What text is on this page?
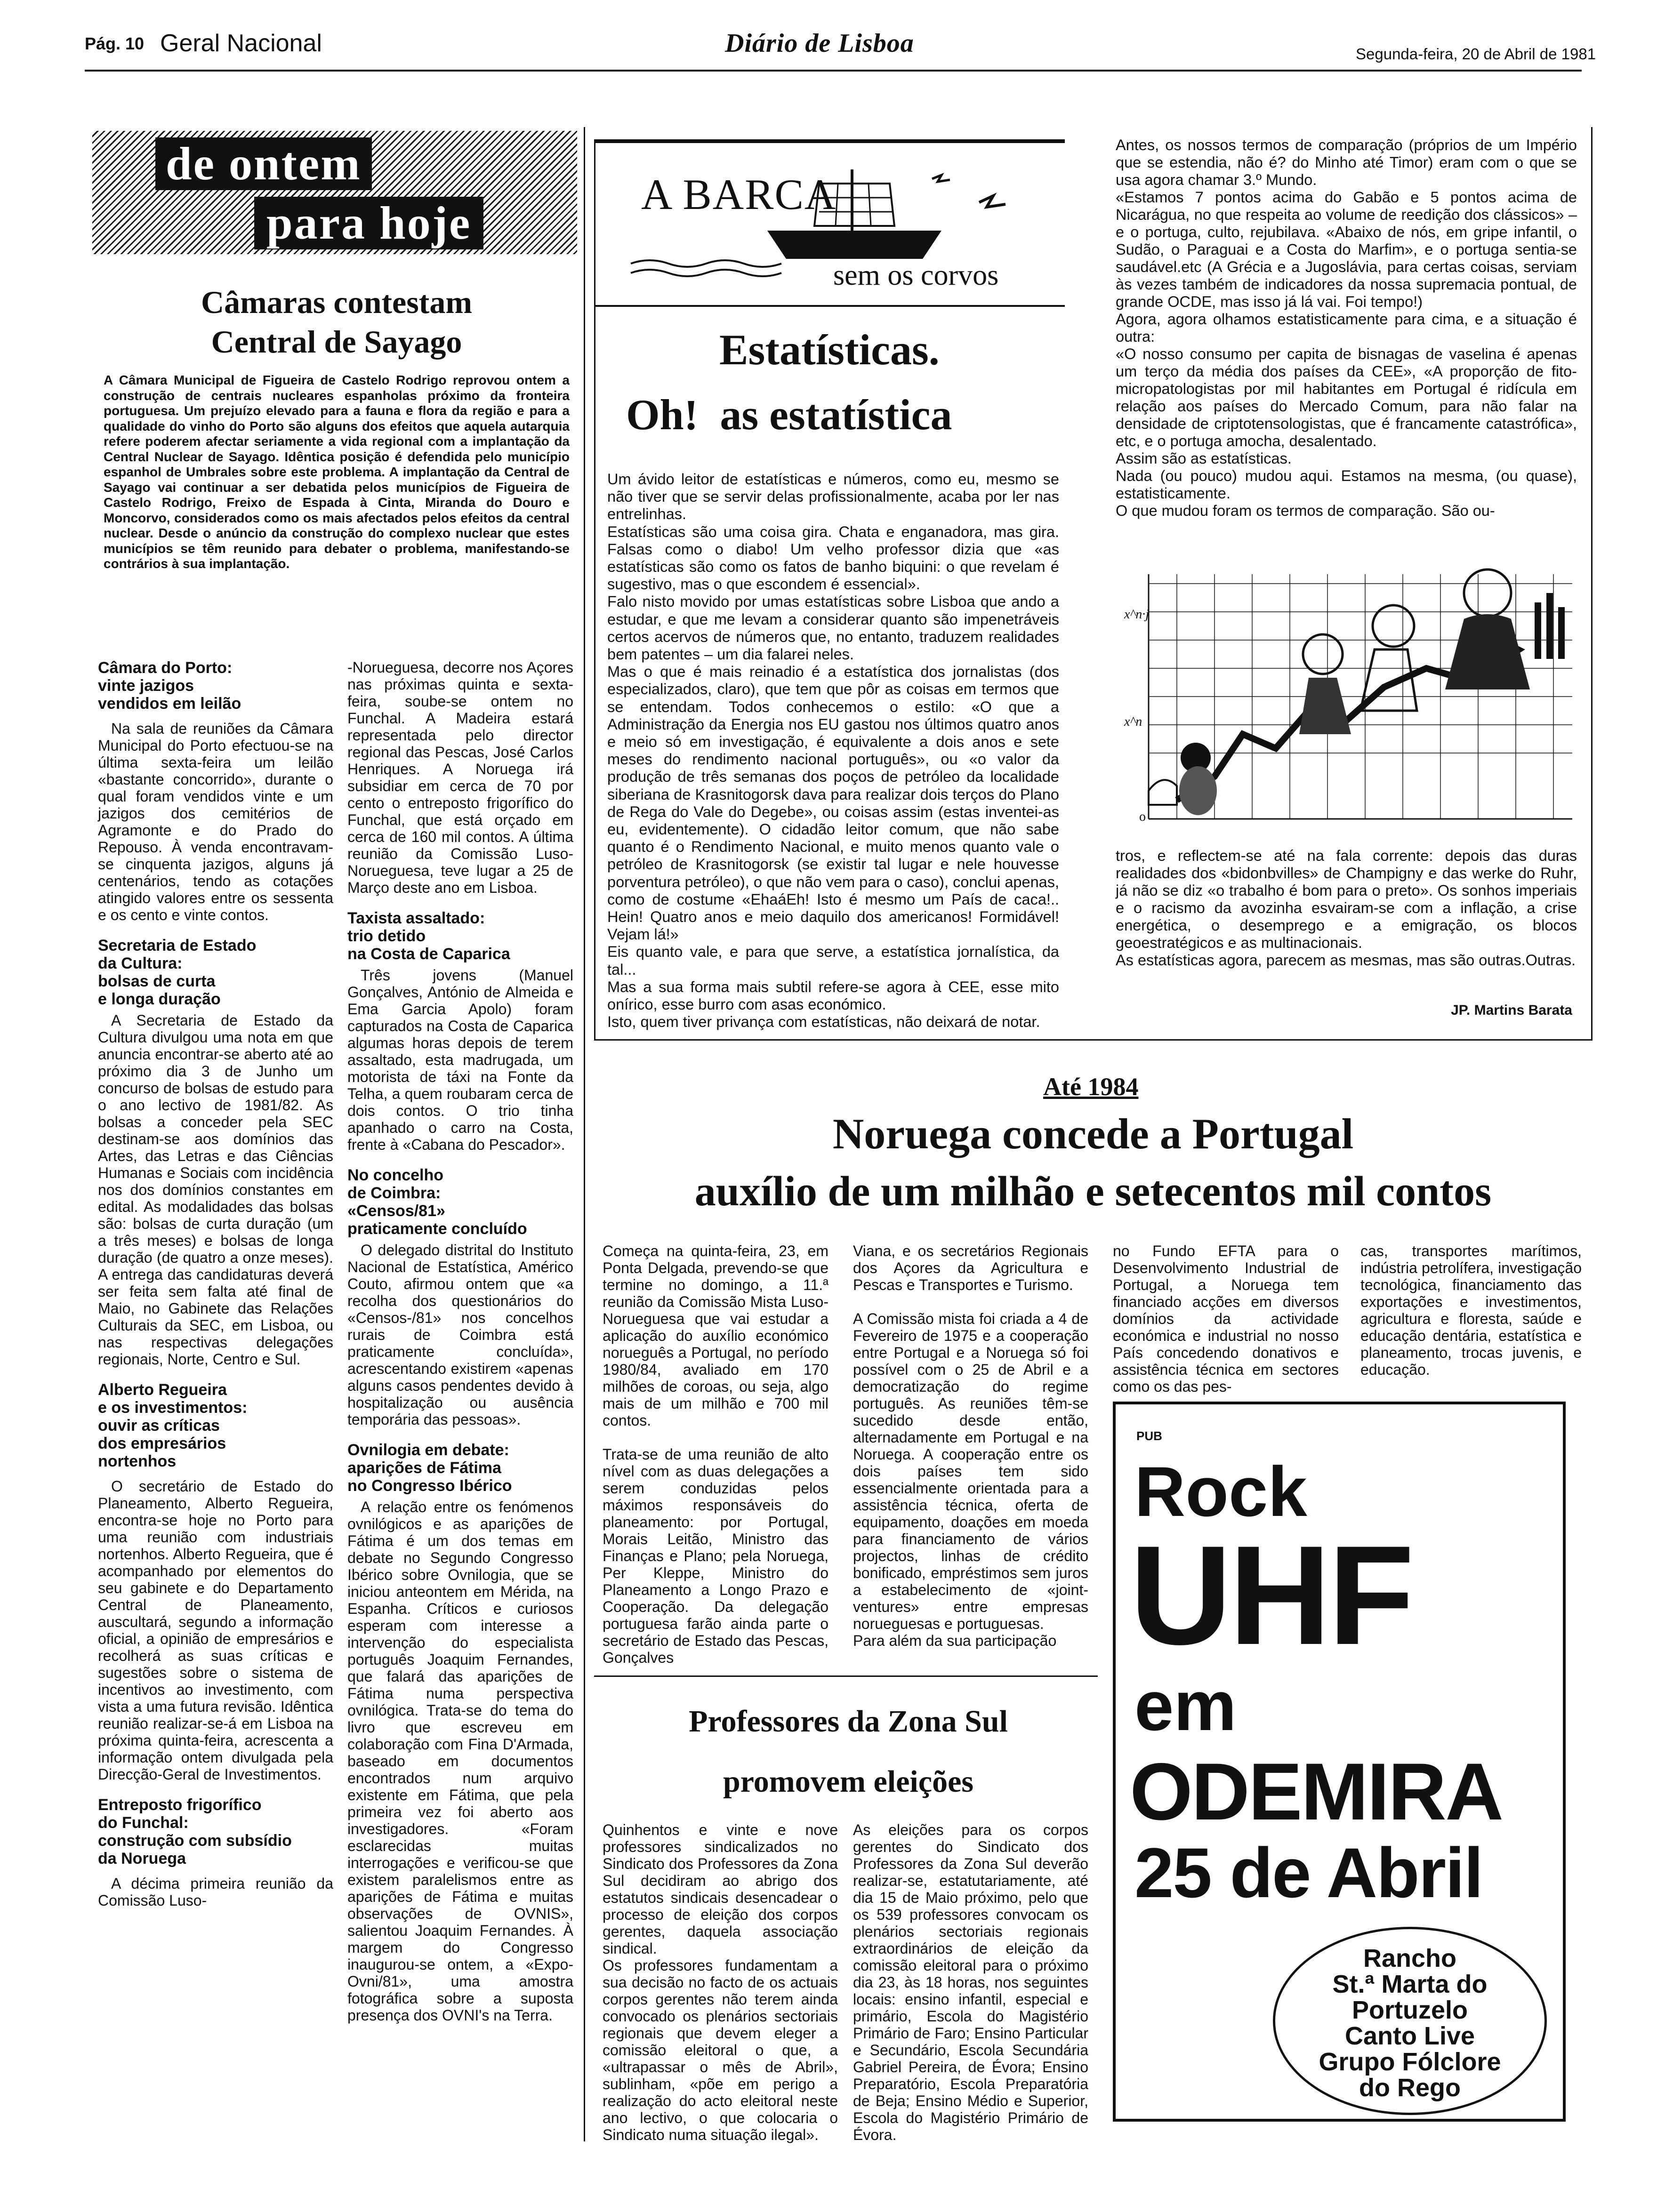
Pág. 10 Geral Nacional	Diário de Lisboa	Segunda-feira, 20 de Abril de 1981
de ontem
para hoje
Câmaras contestam
Central de Sayago
A Câmara Municipal de Figueira de Castelo Rodrigo reprovou ontem a construção de centrais nucleares espanholas próximo da fronteira portuguesa. Um prejuízo elevado para a fauna e flora da região e para a qualidade do vinho do Porto são alguns dos efeitos que aquela autarquia refere poderem afectar seriamente a vida regional com a implantação da Central Nuclear de Sayago. Idêntica posição é defendida pelo município espanhol de Umbrales sobre este problema. A implantação da Central de Sayago vai continuar a ser debatida pelos municípios de Figueira de Castelo Rodrigo, Freixo de Espada à Cinta, Miranda do Douro e Moncorvo, considerados como os mais afectados pelos efeitos da central nuclear. Desde o anúncio da construção do complexo nuclear que estes municípios se têm reunido para debater o problema, manifestando-se contrários à sua implantação.
Câmara do Porto:
vinte jazigos
vendidos em leilão
Na sala de reuniões da Câmara Municipal do Porto efectuou-se na última sexta-feira um leilão «bastante concorrido», durante o qual foram vendidos vinte e um jazigos dos cemitérios de Agramonte e do Prado do Repouso. À venda encontravam-se cinquenta jazigos, alguns já centenários, tendo as cotações atingido valores entre os sessenta e os cento e vinte contos.
Secretaria de Estado
da Cultura:
bolsas de curta
e longa duração
A Secretaria de Estado da Cultura divulgou uma nota em que anuncia encontrar-se aberto até ao próximo dia 3 de Junho um concurso de bolsas de estudo para o ano lectivo de 1981/82. As bolsas a conceder pela SEC destinam-se aos domínios das Artes, das Letras e das Ciências Humanas e Sociais com incidência nos dos domínios constantes em edital. As modalidades das bolsas são: bolsas de curta duração (um a três meses) e bolsas de longa duração (de quatro a onze meses). A entrega das candidaturas deverá ser feita sem falta até final de Maio, no Gabinete das Relações Culturais da SEC, em Lisboa, ou nas respectivas delegações regionais, Norte, Centro e Sul.
Alberto Regueira
e os investimentos:
ouvir as críticas
dos empresários
nortenhos
O secretário de Estado do Planeamento, Alberto Regueira, encontra-se hoje no Porto para uma reunião com industriais nortenhos. Alberto Regueira, que é acompanhado por elementos do seu gabinete e do Departamento Central de Planeamento, auscultará, segundo a informação oficial, a opinião de empresários e recolherá as suas críticas e sugestões sobre o sistema de incentivos ao investimento, com vista a uma futura revisão. Idêntica reunião realizar-se-á em Lisboa na próxima quinta-feira, acrescenta a informação ontem divulgada pela Direcção-Geral de Investimentos.
Entreposto frigorífico
do Funchal:
construção com subsídio
da Noruega
A décima primeira reunião da Comissão Luso-
-Norueguesa, decorre nos Açores nas próximas quinta e sexta-feira, soube-se ontem no Funchal. A Madeira estará representada pelo director regional das Pescas, José Carlos Henriques. A Noruega irá subsidiar em cerca de 70 por cento o entreposto frigorífico do Funchal, que está orçado em cerca de 160 mil contos. A última reunião da Comissão Luso-Norueguesa, teve lugar a 25 de Março deste ano em Lisboa.
Taxista assaltado:
trio detido
na Costa de Caparica
Três jovens (Manuel Gonçalves, António de Almeida e Ema Garcia Apolo) foram capturados na Costa de Caparica algumas horas depois de terem assaltado, esta madrugada, um motorista de táxi na Fonte da Telha, a quem roubaram cerca de dois contos. O trio tinha apanhado o carro na Costa, frente à «Cabana do Pescador».
No concelho
de Coimbra:
«Censos/81»
praticamente concluído
O delegado distrital do Instituto Nacional de Estatística, Américo Couto, afirmou ontem que «a recolha dos questionários do «Censos-/81» nos concelhos rurais de Coimbra está praticamente concluída», acrescentando existirem «apenas alguns casos pendentes devido à hospitalização ou ausência temporária das pessoas».
Ovnilogia em debate:
aparições de Fátima
no Congresso Ibérico
A relação entre os fenómenos ovnilógicos e as aparições de Fátima é um dos temas em debate no Segundo Congresso Ibérico sobre Ovnilogia, que se iniciou anteontem em Mérida, na Espanha. Críticos e curiosos esperam com interesse a intervenção do especialista português Joaquim Fernandes, que falará das aparições de Fátima numa perspectiva ovnilógica. Trata-se do tema do livro que escreveu em colaboração com Fina D'Armada, baseado em documentos encontrados num arquivo existente em Fátima, que pela primeira vez foi aberto aos investigadores. «Foram esclarecidas muitas interrogações e verificou-se que existem paralelismos entre as aparições de Fátima e muitas observações de OVNIS», salientou Joaquim Fernandes. À margem do Congresso inaugurou-se ontem, a «Expo-Ovni/81», uma amostra fotográfica sobre a suposta presença dos OVNI's na Terra.
A BARCA
sem os corvos
Estatísticas.
Oh!  as estatística
Um ávido leitor de estatísticas e números, como eu, mesmo se não tiver que se servir delas profissionalmente, acaba por ler nas entrelinhas.
Estatísticas são uma coisa gira. Chata e enganadora, mas gira. Falsas como o diabo! Um velho professor dizia que «as estatísticas são como os fatos de banho biquini: o que revelam é sugestivo, mas o que escondem é essencial».
Falo nisto movido por umas estatísticas sobre Lisboa que ando a estudar, e que me levam a considerar quanto são impenetráveis certos acervos de números que, no entanto, traduzem realidades bem patentes – um dia falarei neles.
Mas o que é mais reinadio é a estatística dos jornalistas (dos especializados, claro), que tem que pôr as coisas em termos que se entendam. Todos conhecemos o estilo: «O que a Administração da Energia nos EU gastou nos últimos quatro anos e meio só em investigação, é equivalente a dois anos e sete meses do rendimento nacional português», ou «o valor da produção de três semanas dos poços de petróleo da localidade siberiana de Krasnitogorsk dava para realizar dois terços do Plano de Rega do Vale do Degebe», ou coisas assim (estas inventei-as eu, evidentemente). O cidadão leitor comum, que não sabe quanto é o Rendimento Nacional, e muito menos quanto vale o petróleo de Krasnitogorsk (se existir tal lugar e nele houvesse porventura petróleo), o que não vem para o caso), conclui apenas, como de costume «EhaáEh! Isto é mesmo um País de caca!.. Hein! Quatro anos e meio daquilo dos americanos! Formidável! Vejam lá!»
Eis quanto vale, e para que serve, a estatística jornalística, da tal...
Mas a sua forma mais subtil refere-se agora à CEE, esse mito onírico, esse burro com asas económico.
Isto, quem tiver privança com estatísticas, não deixará de notar.
Antes, os nossos termos de comparação (próprios de um Império que se estendia, não é? do Minho até Timor) eram com o que se usa agora chamar 3.º Mundo.
«Estamos 7 pontos acima do Gabão e 5 pontos acima de Nicarágua, no que respeita ao volume de reedição dos clássicos» – e o portuga, culto, rejubilava. «Abaixo de nós, em gripe infantil, o Sudão, o Paraguai e a Costa do Marfim», e o portuga sentia-se saudável.etc (A Grécia e a Jugoslávia, para certas coisas, serviam às vezes também de indicadores da nossa supremacia pontual, de grande OCDE, mas isso já lá vai. Foi tempo!)
Agora, agora olhamos estatisticamente para cima, e a situação é outra:
«O nosso consumo per capita de bisnagas de vaselina é apenas um terço da média dos países da CEE», «A proporção de fito-micropatologistas por mil habitantes em Portugal é ridícula em relação aos países do Mercado Comum, para não falar na densidade de criptotensologistas, que é francamente catastrófica», etc, e o portuga amocha, desalentado.
Assim são as estatísticas.
Nada (ou pouco) mudou aqui. Estamos na mesma, (ou quase), estatisticamente.
O que mudou foram os termos de comparação. São ou-
x^n·j
x^n
o
tros, e reflectem-se até na fala corrente: depois das duras realidades dos «bidonbvilles» de Champigny e das werke do Ruhr, já não se diz «o trabalho é bom para o preto». Os sonhos imperiais e o racismo da avozinha esvairam-se com a inflação, a crise energética, o desemprego e a emigração, os blocos geoestratégicos e as multinacionais.
As estatísticas agora, parecem as mesmas, mas são outras.Outras.
JP. Martins Barata
Até 1984
Noruega concede a Portugal
auxílio de um milhão e setecentos mil contos
Começa na quinta-feira, 23, em Ponta Delgada, prevendo-se que termine no domingo, a 11.ª reunião da Comissão Mista Luso-Norueguesa que vai estudar a aplicação do auxílio económico norueguês a Portugal, no período 1980/84, avaliado em 170 milhões de coroas, ou seja, algo mais de um milhão e 700 mil contos.

Trata-se de uma reunião de alto nível com as duas delegações a serem conduzidas pelos máximos responsáveis do planeamento: por Portugal, Morais Leitão, Ministro das Finanças e Plano; pela Noruega, Per Kleppe, Ministro do Planeamento a Longo Prazo e Cooperação. Da delegação portuguesa farão ainda parte o secretário de Estado das Pescas, Gonçalves
Viana, e os secretários Regionais dos Açores da Agricultura e Pescas e Transportes e Turismo.

A Comissão mista foi criada a 4 de Fevereiro de 1975 e a cooperação entre Portugal e a Noruega só foi possível com o 25 de Abril e a democratização do regime português. As reuniões têm-se sucedido desde então, alternadamente em Portugal e na Noruega. A cooperação entre os dois países tem sido essencialmente orientada para a assistência técnica, oferta de equipamento, doações em moeda para financiamento de vários projectos, linhas de crédito bonificado, empréstimos sem juros a estabelecimento de «joint-ventures» entre empresas norueguesas e portuguesas.
Para além da sua participação
no Fundo EFTA para o Desenvolvimento Industrial de Portugal, a Noruega tem financiado acções em diversos domínios da actividade económica e industrial no nosso País concedendo donativos e assistência técnica em sectores como os das pes-
cas, transportes marítimos, indústria petrolífera, investigação tecnológica, financiamento das exportações e investimentos, agricultura e floresta, saúde e educação dentária, estatística e planeamento, trocas juvenis, e educação.
Professores da Zona Sul
promovem eleições
Quinhentos e vinte e nove professores sindicalizados no Sindicato dos Professores da Zona Sul decidiram ao abrigo dos estatutos sindicais desencadear o processo de eleição dos corpos gerentes, daquela associação sindical.
Os professores fundamentam a sua decisão no facto de os actuais corpos gerentes não terem ainda convocado os plenários sectoriais regionais que devem eleger a comissão eleitoral o que, a «ultrapassar o mês de Abril», sublinham, «põe em perigo a realização do acto eleitoral neste ano lectivo, o que colocaria o Sindicato numa situação ilegal».
As eleições para os corpos gerentes do Sindicato dos Professores da Zona Sul deverão realizar-se, estatutariamente, até dia 15 de Maio próximo, pelo que os 539 professores convocam os plenários sectoriais regionais extraordinários de eleição da comissão eleitoral para o próximo dia 23, às 18 horas, nos seguintes locais: ensino infantil, especial e primário, Escola do Magistério Primário de Faro; Ensino Particular e Secundário, Escola Secundária Gabriel Pereira, de Évora; Ensino Preparatório, Escola Preparatória de Beja; Ensino Médio e Superior, Escola do Magistério Primário de Évora.
PUB
Rock
UHF
em
ODEMIRA
25 de Abril
Rancho
St.ª Marta do
Portuzelo
Canto Live
Grupo Fólclore
do Rego
